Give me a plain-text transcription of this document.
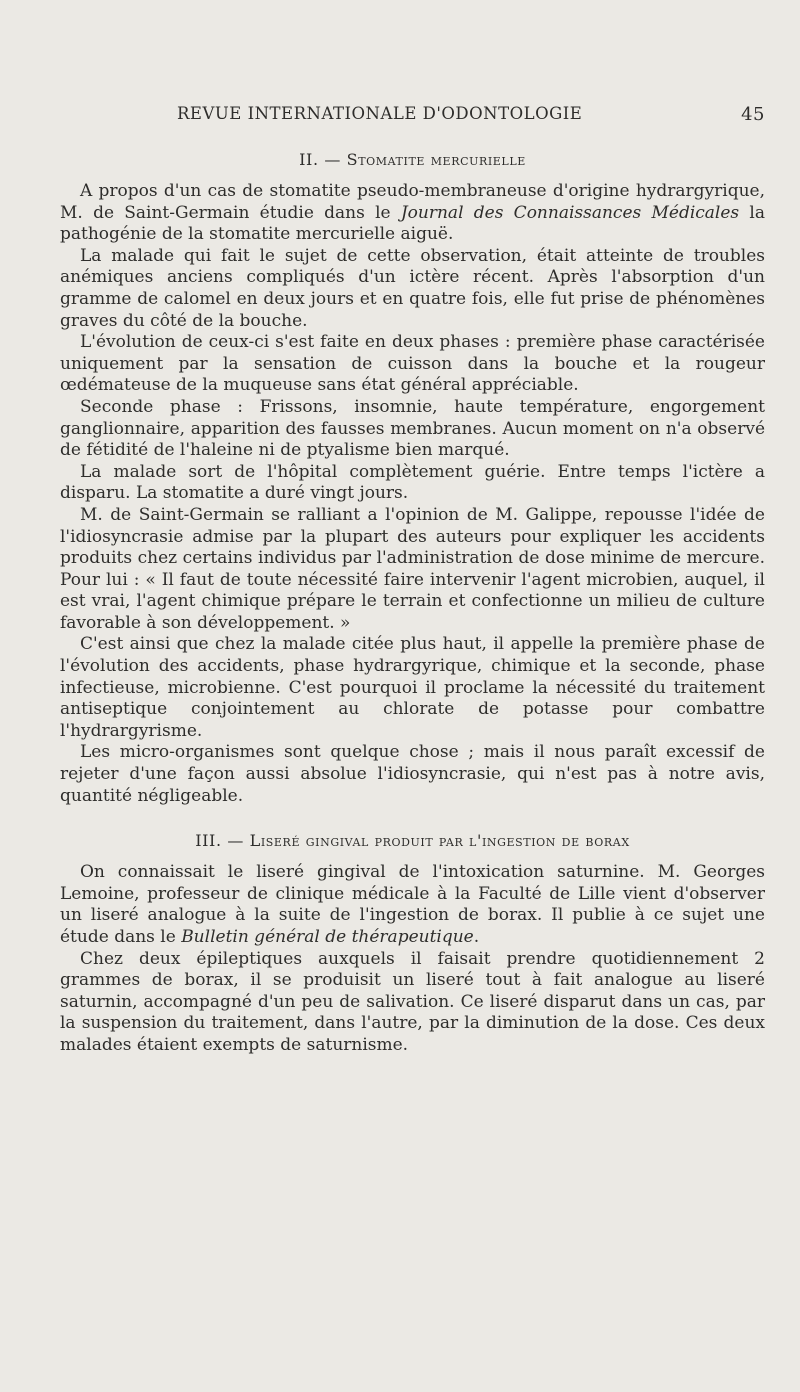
REVUE INTERNATIONALE D'ODONTOLOGIE	45
II. — Stomatite mercurielle

A propos d'un cas de stomatite pseudo-membraneuse d'origine hydrargyrique, M. de Saint-Germain étudie dans le Journal des Connaissances Médicales la pathogénie de la stomatite mercurielle aiguë.

La malade qui fait le sujet de cette observation, était atteinte de troubles anémiques anciens compliqués d'un ictère récent. Après l'absorption d'un gramme de calomel en deux jours et en quatre fois, elle fut prise de phénomènes graves du côté de la bouche.

L'évolution de ceux-ci s'est faite en deux phases : première phase caractérisée uniquement par la sensation de cuisson dans la bouche et la rougeur œdémateuse de la muqueuse sans état général appréciable.

Seconde phase : Frissons, insomnie, haute température, engorgement ganglionnaire, apparition des fausses membranes. Aucun moment on n'a observé de fétidité de l'haleine ni de ptyalisme bien marqué.

La malade sort de l'hôpital complètement guérie. Entre temps l'ictère a disparu. La stomatite a duré vingt jours.

M. de Saint-Germain se ralliant a l'opinion de M. Galippe, repousse l'idée de l'idiosyncrasie admise par la plupart des auteurs pour expliquer les accidents produits chez certains individus par l'administration de dose minime de mercure. Pour lui : « Il faut de toute nécessité faire intervenir l'agent microbien, auquel, il est vrai, l'agent chimique prépare le terrain et confectionne un milieu de culture favorable à son développement. »

C'est ainsi que chez la malade citée plus haut, il appelle la première phase de l'évolution des accidents, phase hydrargyrique, chimique et la seconde, phase infectieuse, microbienne. C'est pourquoi il proclame la nécessité du traitement antiseptique conjointement au chlorate de potasse pour combattre l'hydrargyrisme.

Les micro-organismes sont quelque chose ; mais il nous paraît excessif de rejeter d'une façon aussi absolue l'idiosyncrasie, qui n'est pas à notre avis, quantité négligeable.

III. — Liseré gingival produit par l'ingestion de borax

On connaissait le liseré gingival de l'intoxication saturnine. M. Georges Lemoine, professeur de clinique médicale à la Faculté de Lille vient d'observer un liseré analogue à la suite de l'ingestion de borax. Il publie à ce sujet une étude dans le Bulletin général de thérapeutique.

Chez deux épileptiques auxquels il faisait prendre quotidiennement 2 grammes de borax, il se produisit un liseré tout à fait analogue au liseré saturnin, accompagné d'un peu de salivation. Ce liseré disparut dans un cas, par la suspension du traitement, dans l'autre, par la diminution de la dose. Ces deux malades étaient exempts de saturnisme.
